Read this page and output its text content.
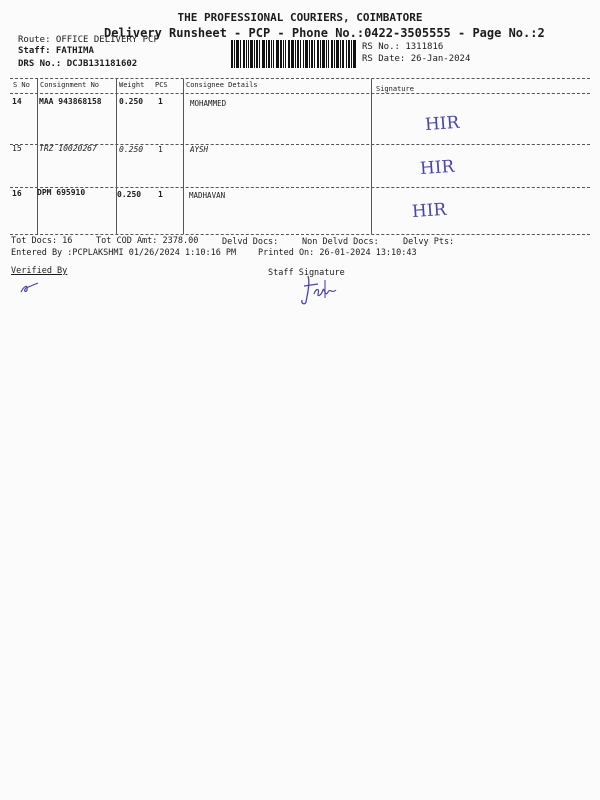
THE PROFESSIONAL COURIERS, COIMBATORE
Delivery Runsheet - PCP - Phone No.:0422-3505555 - Page No.:2
Route: OFFICE DELIVERY PCP
Staff: FATHIMA
DRS No.: DCJB131181602
RS No.: 1311816
RS Date: 26-Jan-2024
S No Consignment No	Weight PCS	Consignee Details	Signature
14 MAA 943868158 0.250 1	MOHAMMED
HIR
15 TRZ 10020267	0.250 1	AYSH
HIR
16 DPM 695910	0.250 1	MADHAVAN
HIR
Tot Docs: 16	Tot COD Amt: 2378.00	Delvd Docs:	Non Delvd Docs:	Delvy Pts:
Entered By :PCPLAKSHMI 01/26/2024 1:10:16 PM	Printed On: 26-01-2024 13:10:43
Verified By	Staff Signature
